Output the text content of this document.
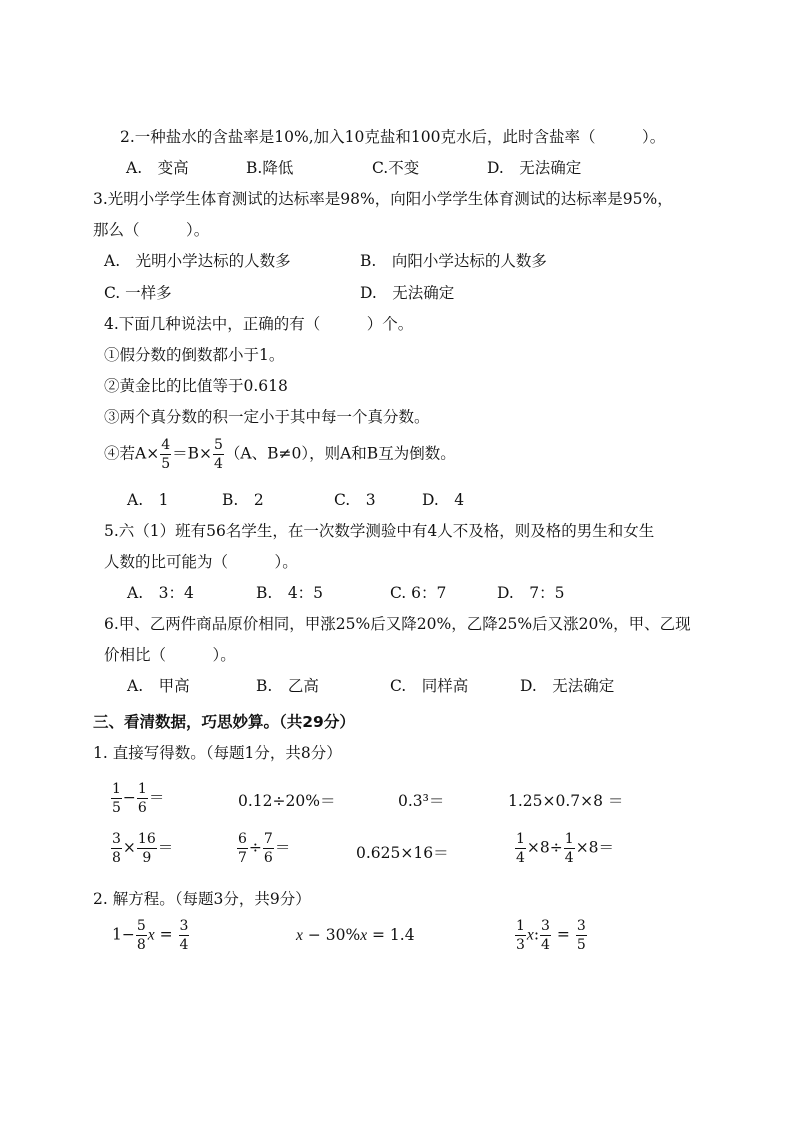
2.一种盐水的含盐率是10%,加入10克盐和100克水后，此时含盐率（　　　）。
A.　变高	B.降低	C.不变	D.　无法确定
3.光明小学学生体育测试的达标率是98%，向阳小学学生体育测试的达标率是95%，
那么（　　　）。
A.　光明小学达标的人数多	B.　向阳小学达标的人数多
C. 一样多	D.　无法确定
4.下面几种说法中，正确的有（　　　）个。
①假分数的倒数都小于1。
②黄金比的比值等于0.618
③两个真分数的积一定小于其中每一个真分数。
④若$A\times \frac{4}{5} =B\times \frac{5}{4} (A$、B≠0），则A和B互为倒数。
A.　1	B.　2	C.　3	D.　4
5.六（1）班有56名学生，在一次数学测验中有4人不及格，则及格的男生和女生
人数的比可能为（　　　）。
A.　3：4	B.　4：5	C. 6：7	D.　7：5
6.甲、乙两件商品原价相同，甲涨25%后又降20%，乙降25%后又涨20%，甲、乙现
价相比（　　　）。
A.　甲高	B.　乙高	C.　同样高	D.　无法确定
三、看清数据，巧思妙算。（共29分）
1. 直接写得数。（每题1分，共8分）
$\frac{1}{5} - \frac{1}{6}$ ＝	0.12÷20%＝	0.3³＝	1.25×0.7×8 ＝
$\frac{3}{8} \times \frac{16}{9}$ ＝	$\frac{6}{7} \div \frac{7}{6}$ ＝	0.625×16＝	$\frac{1}{4} \times 8\div \frac{1}{4} \times 8=$
2. 解方程。（每题3分，共9分）
$1- \frac{5}{8}$ $x = \frac{3}{4}$	x − 30%x = 1.4	$\frac{1}{3} x$: $\frac{3}{4} = \frac{3}{5}$
